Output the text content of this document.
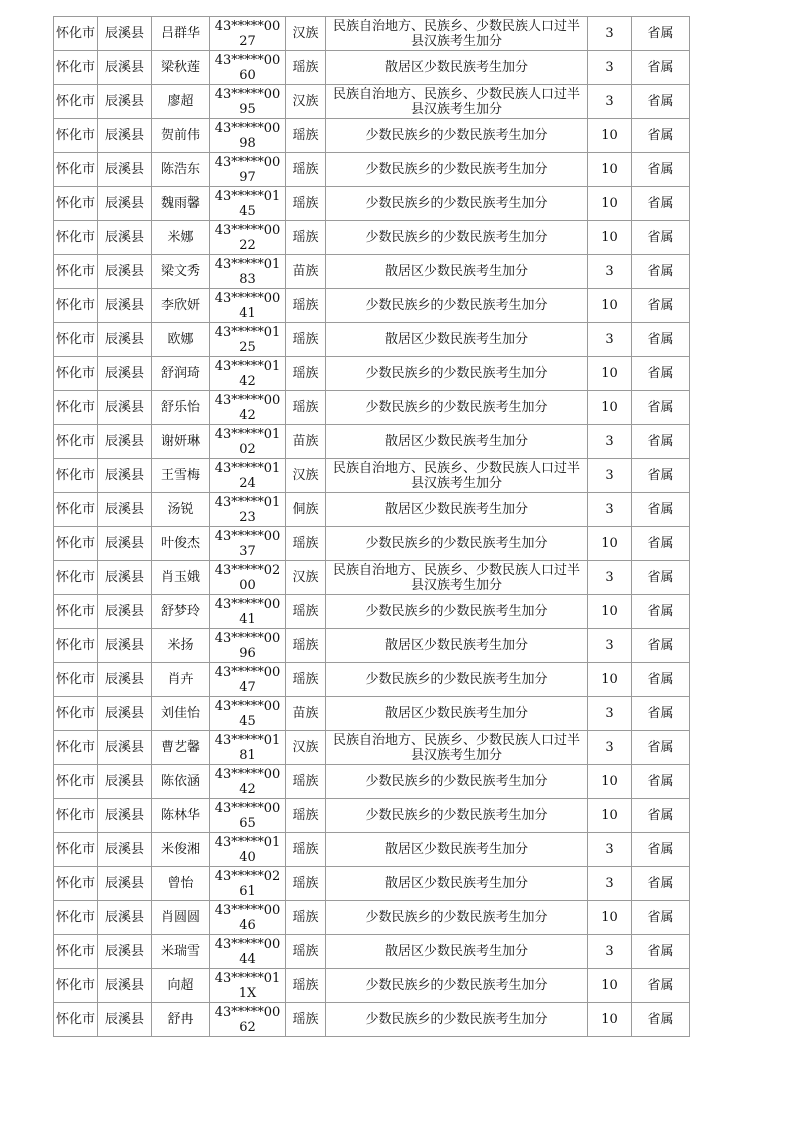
怀化市	辰溪县	吕群华	43*****0027	汉族	民族自治地方、民族乡、少数民族人口过半县汉族考生加分	3	省属
怀化市	辰溪县	梁秋莲	43*****0060	瑶族	散居区少数民族考生加分	3	省属
怀化市	辰溪县	廖超	43*****0095	汉族	民族自治地方、民族乡、少数民族人口过半县汉族考生加分	3	省属
怀化市	辰溪县	贺前伟	43*****0098	瑶族	少数民族乡的少数民族考生加分	10	省属
怀化市	辰溪县	陈浩东	43*****0097	瑶族	少数民族乡的少数民族考生加分	10	省属
怀化市	辰溪县	魏雨馨	43*****0145	瑶族	少数民族乡的少数民族考生加分	10	省属
怀化市	辰溪县	米娜	43*****0022	瑶族	少数民族乡的少数民族考生加分	10	省属
怀化市	辰溪县	梁文秀	43*****0183	苗族	散居区少数民族考生加分	3	省属
怀化市	辰溪县	李欣妍	43*****0041	瑶族	少数民族乡的少数民族考生加分	10	省属
怀化市	辰溪县	欧娜	43*****0125	瑶族	散居区少数民族考生加分	3	省属
怀化市	辰溪县	舒润琦	43*****0142	瑶族	少数民族乡的少数民族考生加分	10	省属
怀化市	辰溪县	舒乐怡	43*****0042	瑶族	少数民族乡的少数民族考生加分	10	省属
怀化市	辰溪县	谢妍琳	43*****0102	苗族	散居区少数民族考生加分	3	省属
怀化市	辰溪县	王雪梅	43*****0124	汉族	民族自治地方、民族乡、少数民族人口过半县汉族考生加分	3	省属
怀化市	辰溪县	汤锐	43*****0123	侗族	散居区少数民族考生加分	3	省属
怀化市	辰溪县	叶俊杰	43*****0037	瑶族	少数民族乡的少数民族考生加分	10	省属
怀化市	辰溪县	肖玉娥	43*****0200	汉族	民族自治地方、民族乡、少数民族人口过半县汉族考生加分	3	省属
怀化市	辰溪县	舒梦玲	43*****0041	瑶族	少数民族乡的少数民族考生加分	10	省属
怀化市	辰溪县	米扬	43*****0096	瑶族	散居区少数民族考生加分	3	省属
怀化市	辰溪县	肖卉	43*****0047	瑶族	少数民族乡的少数民族考生加分	10	省属
怀化市	辰溪县	刘佳怡	43*****0045	苗族	散居区少数民族考生加分	3	省属
怀化市	辰溪县	曹艺馨	43*****0181	汉族	民族自治地方、民族乡、少数民族人口过半县汉族考生加分	3	省属
怀化市	辰溪县	陈依涵	43*****0042	瑶族	少数民族乡的少数民族考生加分	10	省属
怀化市	辰溪县	陈林华	43*****0065	瑶族	少数民族乡的少数民族考生加分	10	省属
怀化市	辰溪县	米俊湘	43*****0140	瑶族	散居区少数民族考生加分	3	省属
怀化市	辰溪县	曾怡	43*****0261	瑶族	散居区少数民族考生加分	3	省属
怀化市	辰溪县	肖圆圆	43*****0046	瑶族	少数民族乡的少数民族考生加分	10	省属
怀化市	辰溪县	米瑞雪	43*****0044	瑶族	散居区少数民族考生加分	3	省属
怀化市	辰溪县	向超	43*****011X	瑶族	少数民族乡的少数民族考生加分	10	省属
怀化市	辰溪县	舒冉	43*****0062	瑶族	少数民族乡的少数民族考生加分	10	省属
